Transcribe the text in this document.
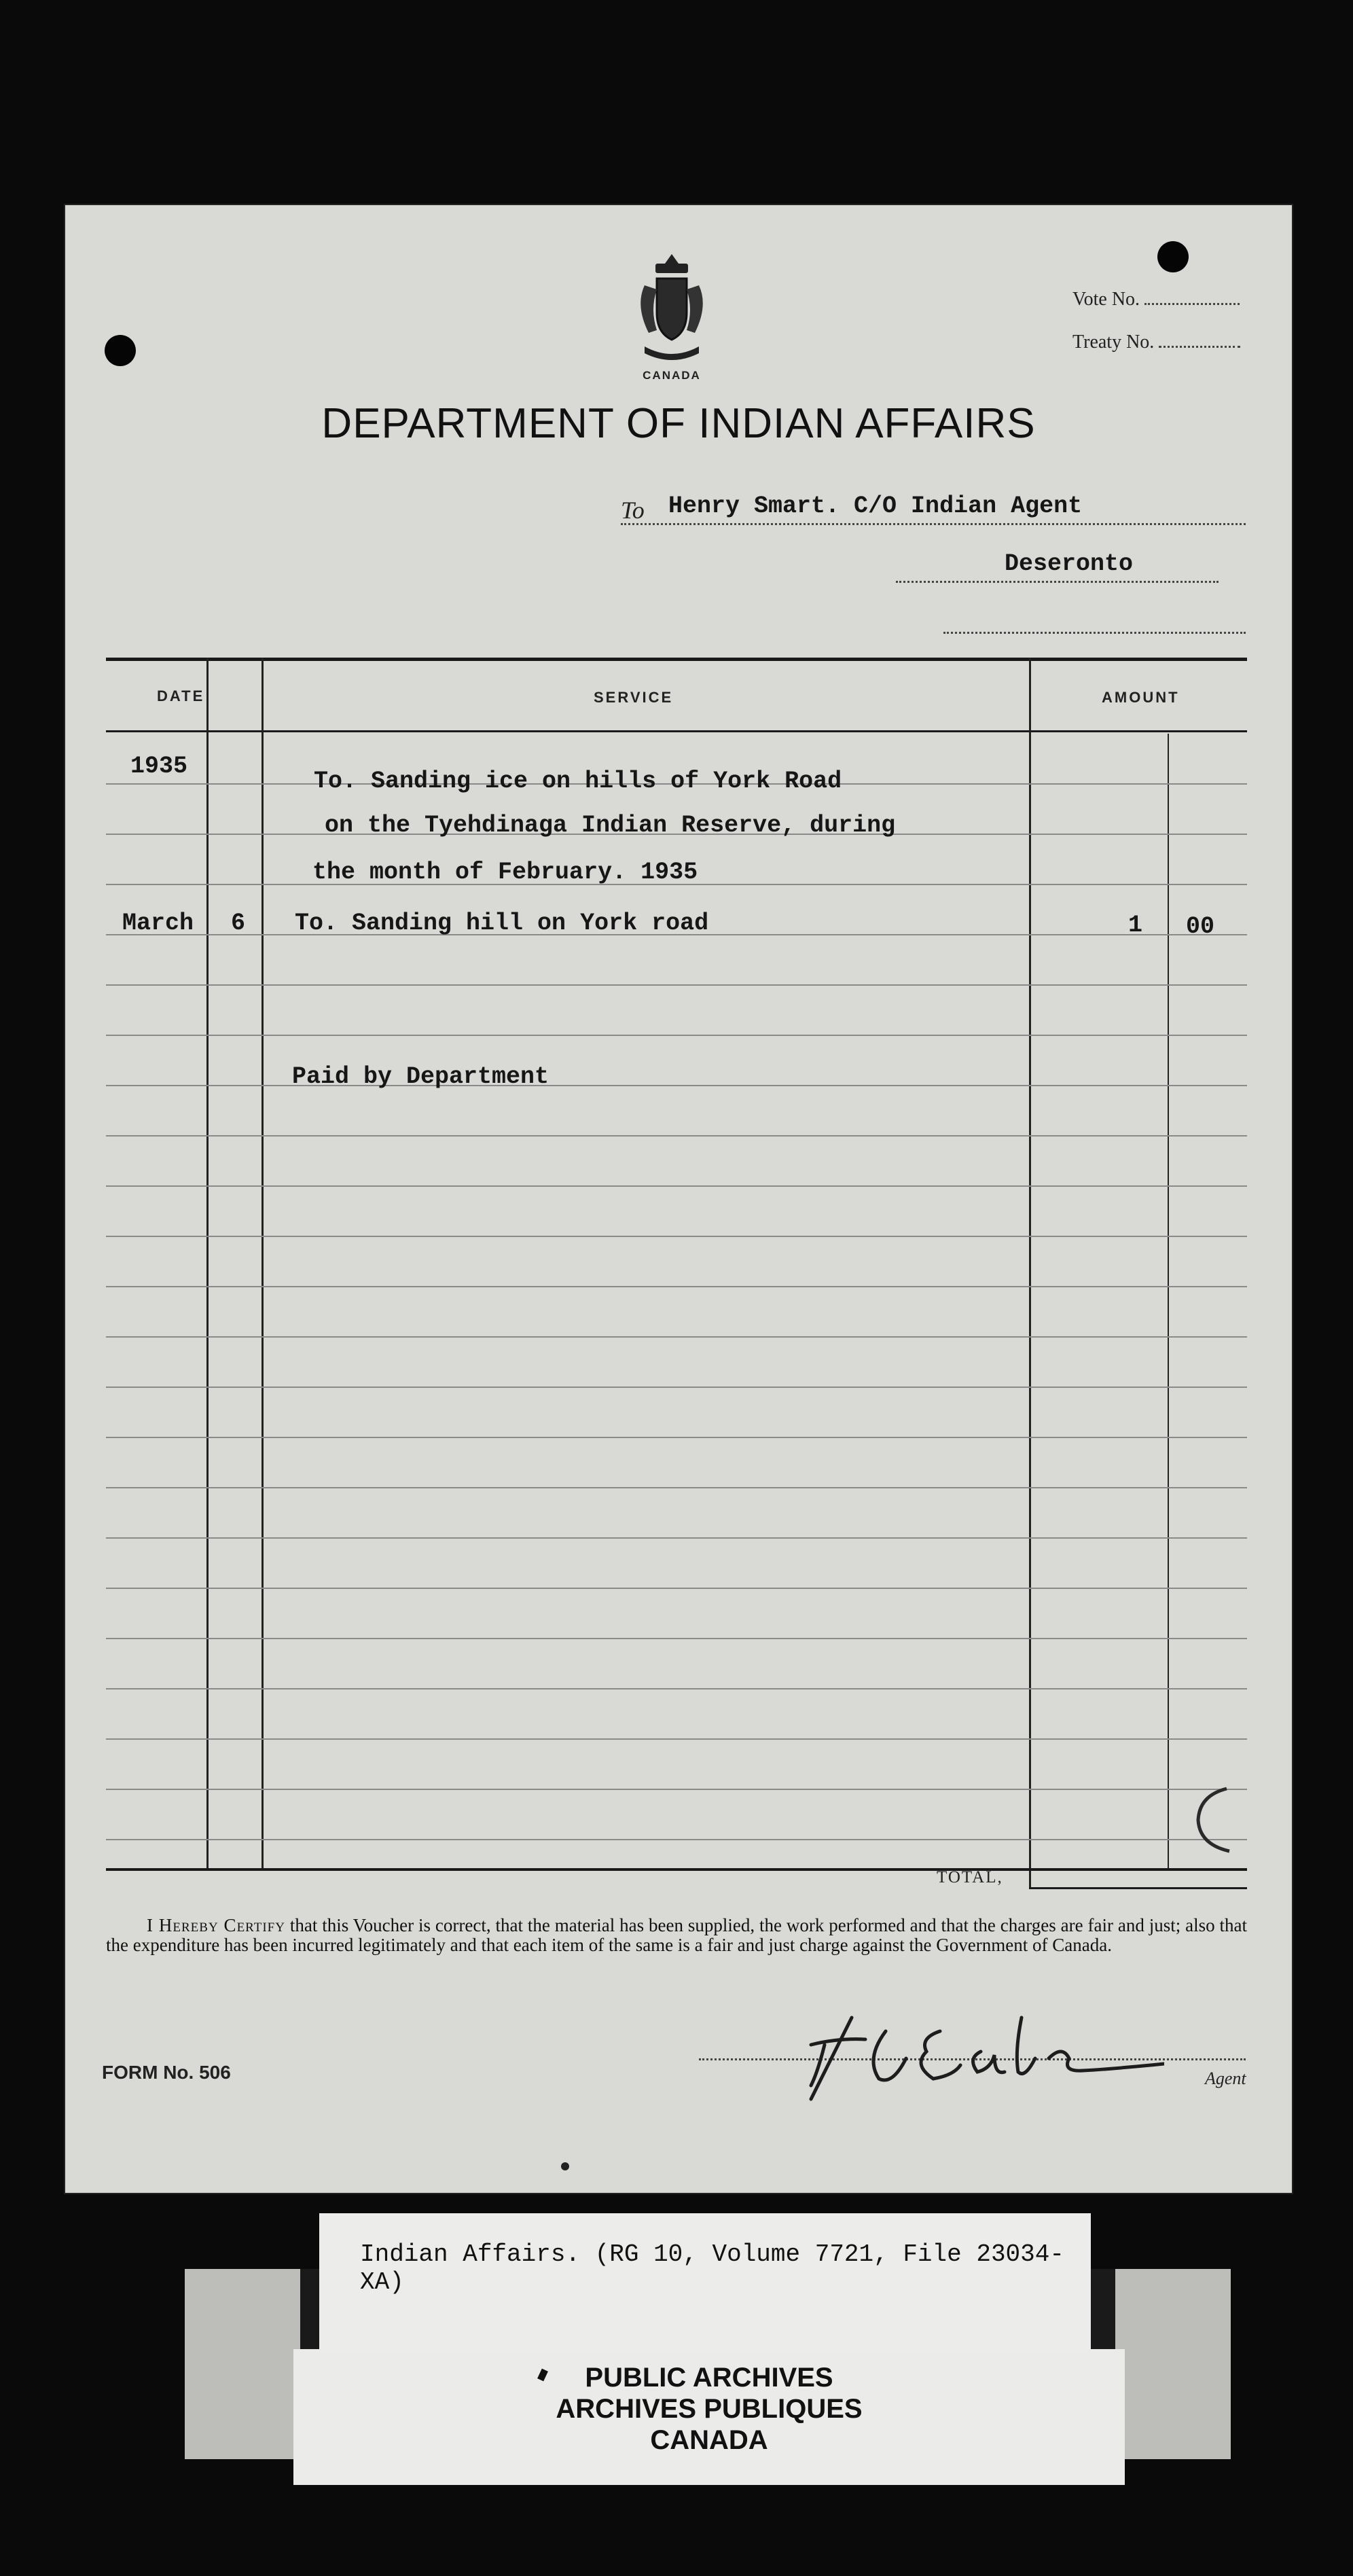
CANADA
Vote No.
Treaty No.
DEPARTMENT OF INDIAN AFFAIRS
To Henry Smart. C/O Indian Agent
Deseronto
DATE	SERVICE	AMOUNT
1935
To. Sanding ice on hills of York Road
on the Tyehdinaga Indian Reserve, during
the month of February. 1935
March 6 To. Sanding hill on York road	1 00
Paid by Department
TOTAL,
I Hereby Certify that this Voucher is correct, that the material has been supplied, the work performed and that the charges are fair and just; also that the expenditure has been incurred legitimately and that each item of the same is a fair and just charge against the Government of Canada.
FORM No. 506	Agent
Indian Affairs. (RG 10, Volume 7721, File 23034-XA)
PUBLIC ARCHIVES
ARCHIVES PUBLIQUES
CANADA
